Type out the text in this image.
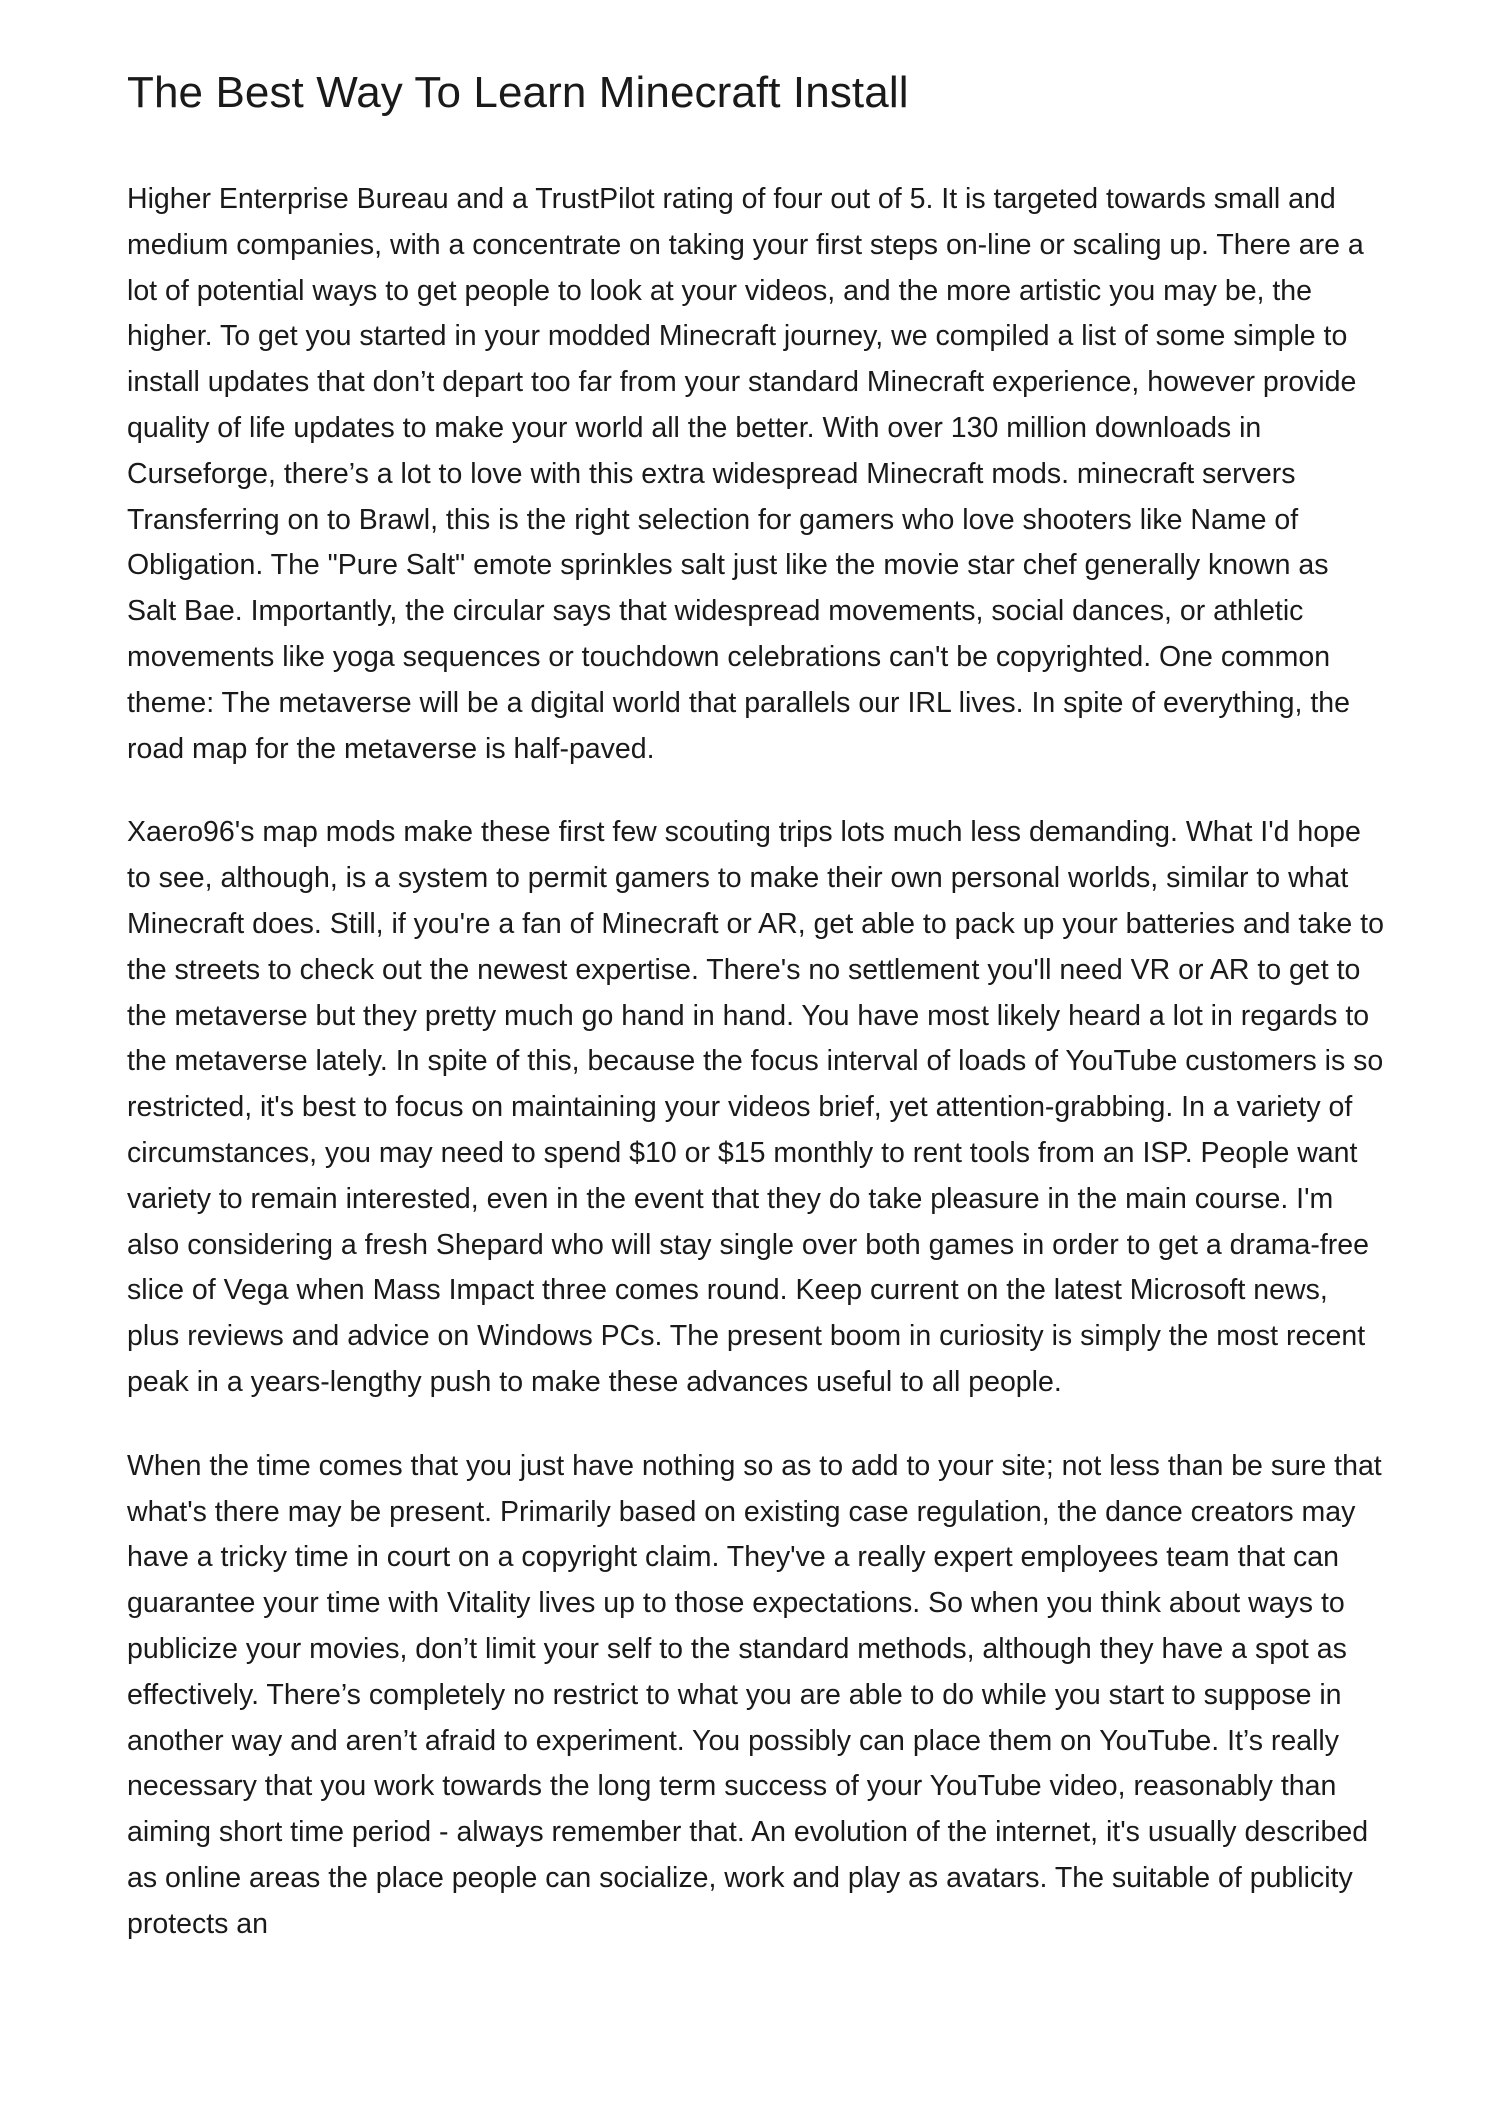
The Best Way To Learn Minecraft Install

Higher Enterprise Bureau and a TrustPilot rating of four out of 5. It is targeted towards small and medium companies, with a concentrate on taking your first steps on-line or scaling up. There are a lot of potential ways to get people to look at your videos, and the more artistic you may be, the higher. To get you started in your modded Minecraft journey, we compiled a list of some simple to install updates that don’t depart too far from your standard Minecraft experience, however provide quality of life updates to make your world all the better. With over 130 million downloads in Curseforge, there’s a lot to love with this extra widespread Minecraft mods. minecraft servers Transferring on to Brawl, this is the right selection for gamers who love shooters like Name of Obligation. The "Pure Salt" emote sprinkles salt just like the movie star chef generally known as Salt Bae. Importantly, the circular says that widespread movements, social dances, or athletic movements like yoga sequences or touchdown celebrations can't be copyrighted. One common theme: The metaverse will be a digital world that parallels our IRL lives. In spite of everything, the road map for the metaverse is half-paved.

Xaero96's map mods make these first few scouting trips lots much less demanding. What I'd hope to see, although, is a system to permit gamers to make their own personal worlds, similar to what Minecraft does. Still, if you're a fan of Minecraft or AR, get able to pack up your batteries and take to the streets to check out the newest expertise. There's no settlement you'll need VR or AR to get to the metaverse but they pretty much go hand in hand. You have most likely heard a lot in regards to the metaverse lately. In spite of this, because the focus interval of loads of YouTube customers is so restricted, it's best to focus on maintaining your videos brief, yet attention-grabbing. In a variety of circumstances, you may need to spend $10 or $15 monthly to rent tools from an ISP. People want variety to remain interested, even in the event that they do take pleasure in the main course. I'm also considering a fresh Shepard who will stay single over both games in order to get a drama-free slice of Vega when Mass Impact three comes round. Keep current on the latest Microsoft news, plus reviews and advice on Windows PCs. The present boom in curiosity is simply the most recent peak in a years-lengthy push to make these advances useful to all people.

When the time comes that you just have nothing so as to add to your site; not less than be sure that what's there may be present. Primarily based on existing case regulation, the dance creators may have a tricky time in court on a copyright claim. They've a really expert employees team that can guarantee your time with Vitality lives up to those expectations. So when you think about ways to publicize your movies, don’t limit your self to the standard methods, although they have a spot as effectively. There’s completely no restrict to what you are able to do while you start to suppose in another way and aren’t afraid to experiment. You possibly can place them on YouTube. It’s really necessary that you work towards the long term success of your YouTube video, reasonably than aiming short time period - always remember that. An evolution of the internet, it's usually described as online areas the place people can socialize, work and play as avatars. The suitable of publicity protects an
